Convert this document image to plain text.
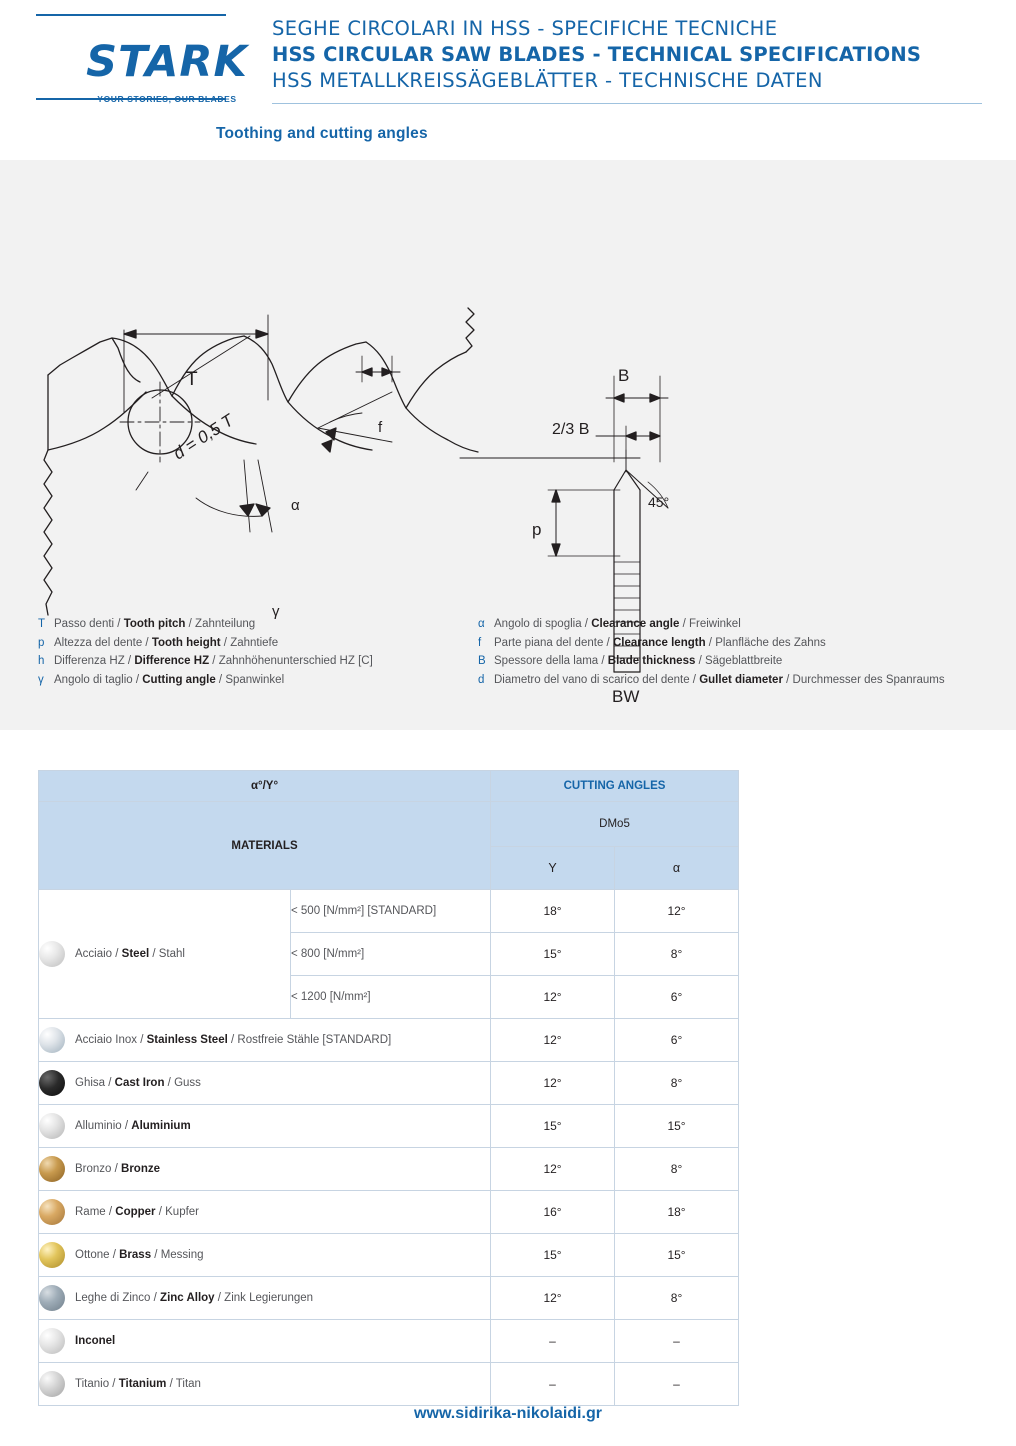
STARK
YOUR STORIES, OUR BLADES
SEGHE CIRCOLARI IN HSS - SPECIFICHE TECNICHE
HSS CIRCULAR SAW BLADES - TECHNICAL SPECIFICATIONS
HSS METALLKREISSÄGEBLÄTTER - TECHNISCHE DATEN
Toothing and cutting angles
T
d = 0,5 T	f
α
γ
B
2/3 B
p
45°
BW
T Passo denti / Tooth pitch / Zahnteilung
p Altezza del dente / Tooth height / Zahntiefe
h Differenza HZ / Difference HZ / Zahnhöhenunterschied HZ [C]
γ Angolo di taglio / Cutting angle / Spanwinkel
α Angolo di spoglia / Clearance angle / Freiwinkel
f Parte piana del dente / Clearance length / Planfläche des Zahns
B Spessore della lama / Blade thickness / Sägeblattbreite
d Diametro del vano di scarico del dente / Gullet diameter / Durchmesser des Spanraums
α°/Υ°		CUTTING ANGLES	
MATERIALS		DMo5	
		Υ	α
Acciaio / Steel / Stahl	< 500 [N/mm²] [STANDARD]	18°	12°
	< 800 [N/mm²]	15°	8°
	< 1200 [N/mm²]	12°	6°
Acciaio Inox / Stainless Steel / Rostfreie Stähle [STANDARD]		12°	6°
Ghisa / Cast Iron / Guss		12°	8°
Alluminio / Aluminium		15°	15°
Bronzo / Bronze		12°	8°
Rame / Copper / Kupfer		16°	18°
Ottone / Brass / Messing		15°	15°
Leghe di Zinco / Zinc Alloy / Zink Legierungen		12°	8°
Inconel		–	–
Titanio / Titanium / Titan		–	–
www.sidirika-nikolaidi.gr
